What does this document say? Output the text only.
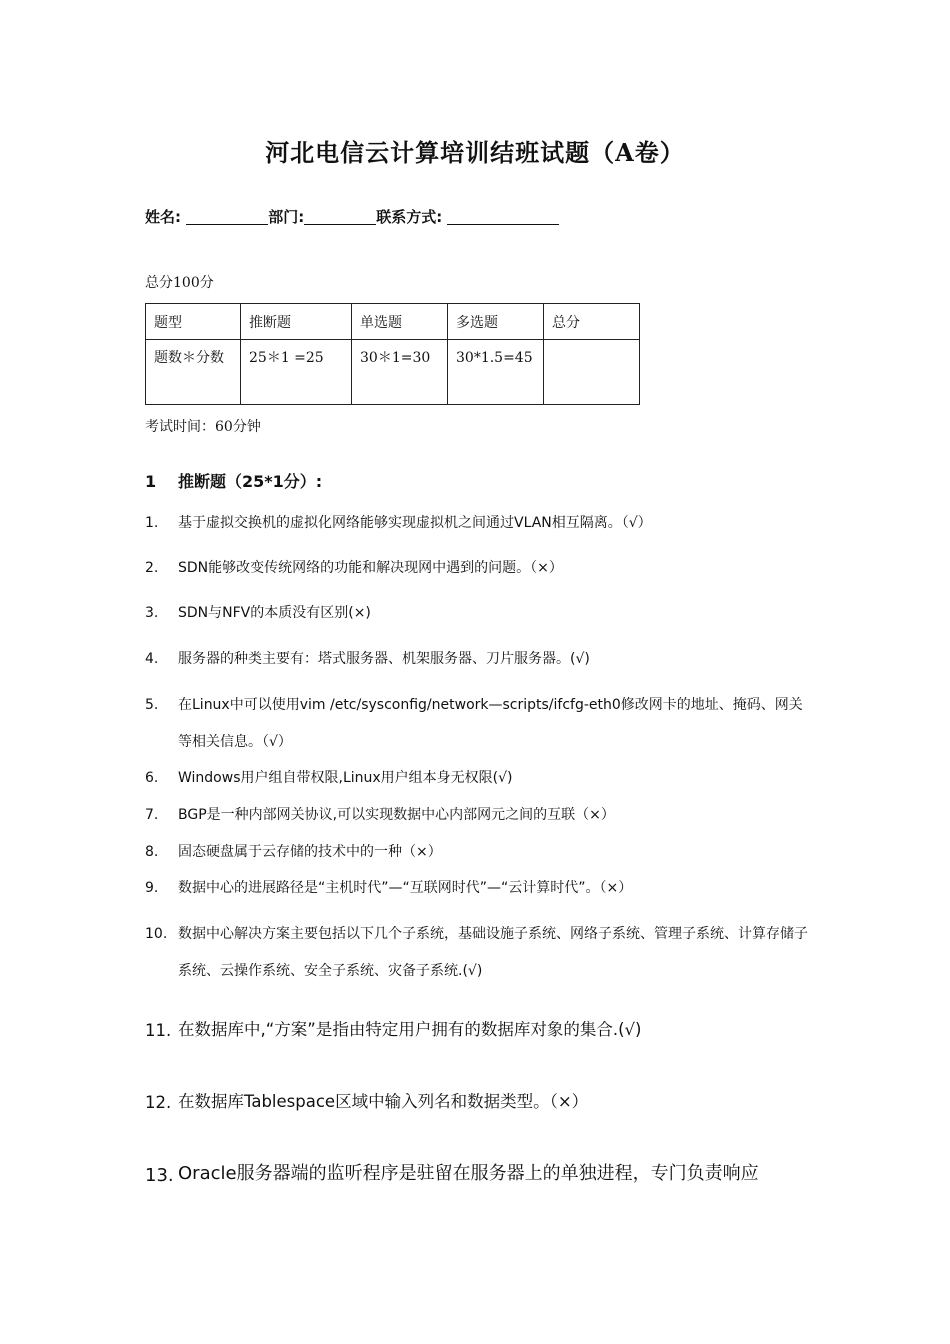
河北电信云计算培训结班试题（A卷）
姓名:	部门:	联系方式:
总分100分
题型	推断题	单选题	多选题	总分
题数＊分数	25＊1 =25	30＊1=30	30*1.5=45	
考试时间：60分钟
1 推断题（25*1分）:
1. 基于虚拟交换机的虚拟化网络能够实现虚拟机之间通过VLAN相互隔离。（√）
2. SDN能够改变传统网络的功能和解决现网中遇到的问题。（×）
3. SDN与NFV的本质没有区别(×)
4. 服务器的种类主要有：塔式服务器、机架服务器、刀片服务器。(√)
5. 在Linux中可以使用vim /etc/sysconfig/network—scripts/ifcfg-eth0修改网卡的地址、掩码、网关等相关信息。（√）
6. Windows用户组自带权限,Linux用户组本身无权限(√)
7. BGP是一种内部网关协议,可以实现数据中心内部网元之间的互联（×）
8. 固态硬盘属于云存储的技术中的一种（×）
9. 数据中心的进展路径是“主机时代”—“互联网时代”—“云计算时代”。（×）
10. 数据中心解决方案主要包括以下几个子系统，基础设施子系统、网络子系统、管理子系统、计算存储子系统、云操作系统、安全子系统、灾备子系统.(√)
11. 在数据库中,“方案”是指由特定用户拥有的数据库对象的集合.(√)
12. 在数据库Tablespace区域中输入列名和数据类型。（×）
13. Oracle服务器端的监听程序是驻留在服务器上的单独进程，专门负责响应
